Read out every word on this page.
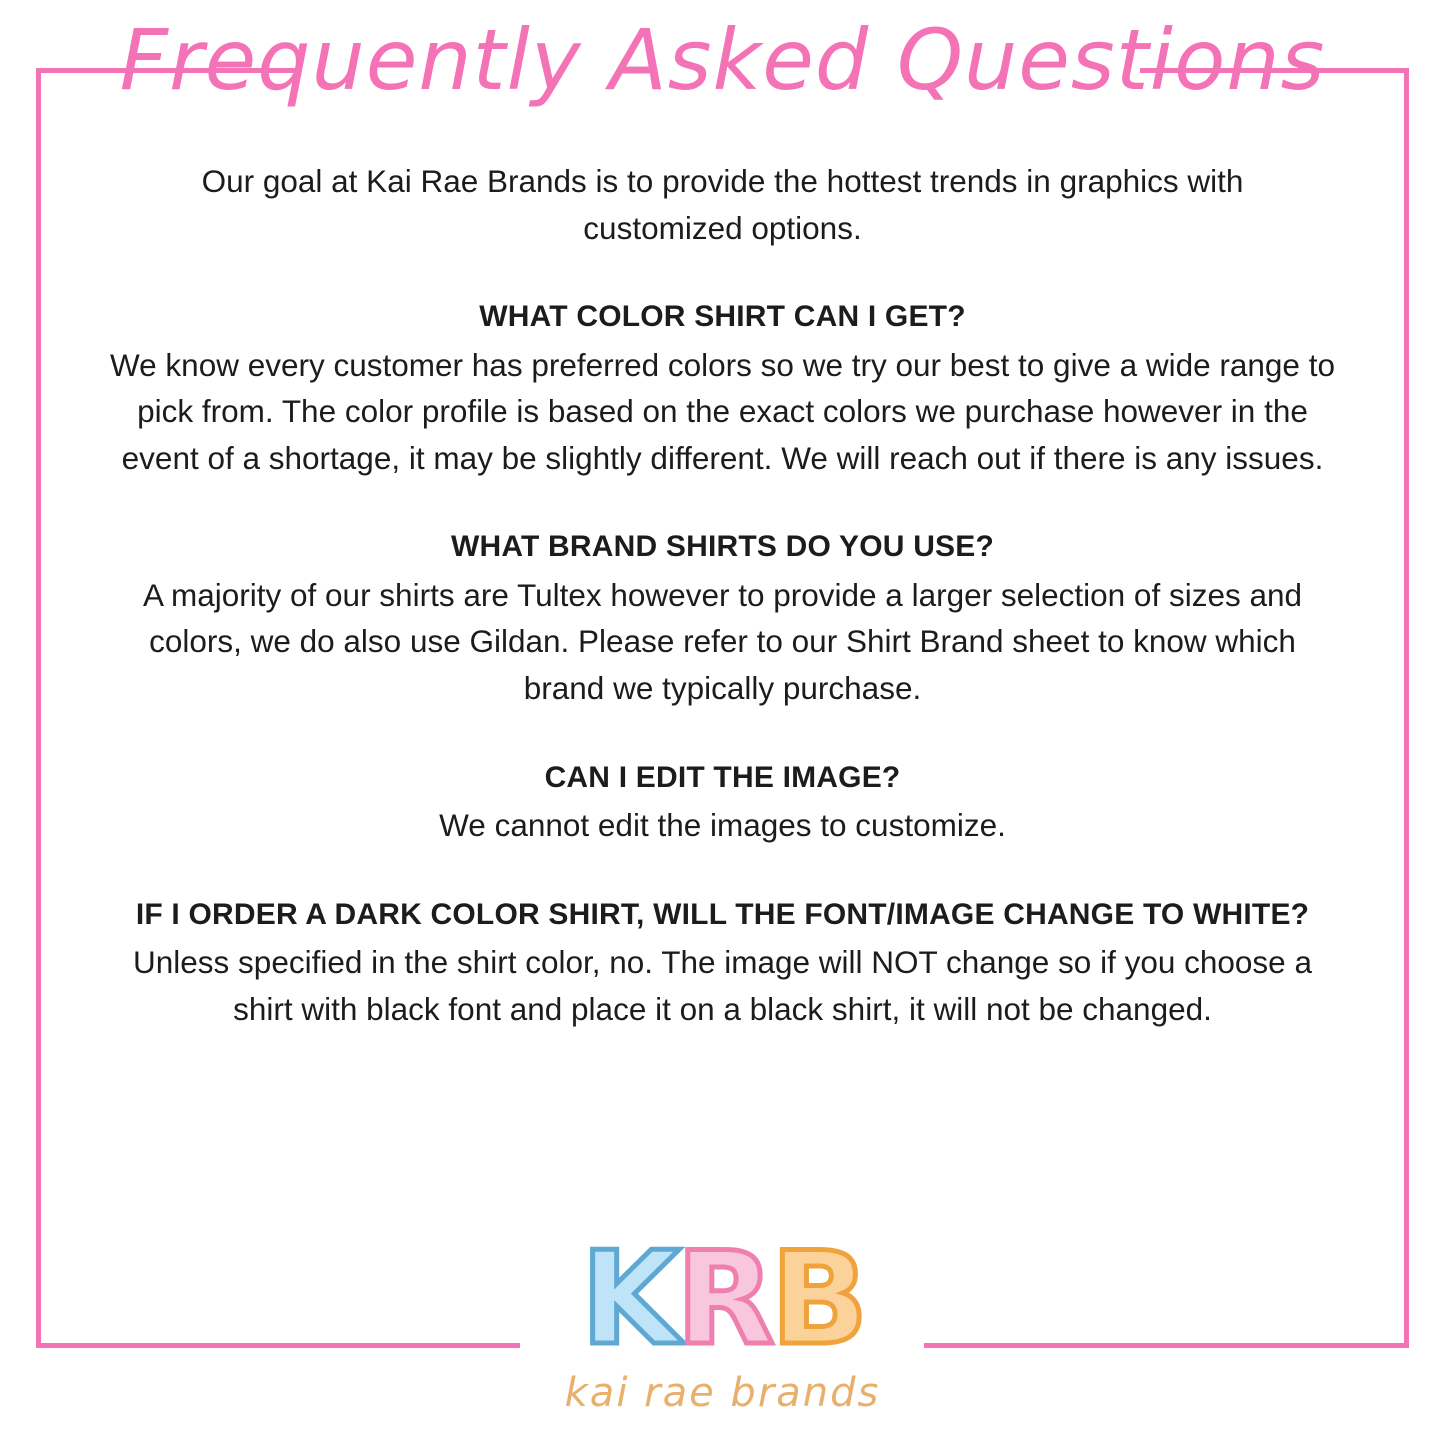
Frequently Asked Questions

Our goal at Kai Rae Brands is to provide the hottest trends in graphics with customized options.

WHAT COLOR SHIRT CAN I GET?
We know every customer has preferred colors so we try our best to give a wide range to pick from. The color profile is based on the exact colors we purchase however in the event of a shortage, it may be slightly different. We will reach out if there is any issues.
WHAT BRAND SHIRTS DO YOU USE?
A majority of our shirts are Tultex however to provide a larger selection of sizes and colors, we do also use Gildan. Please refer to our Shirt Brand sheet to know which brand we typically purchase.
CAN I EDIT THE IMAGE?
We cannot edit the images to customize.
IF I ORDER A DARK COLOR SHIRT, WILL THE FONT/IMAGE CHANGE TO WHITE?
Unless specified in the shirt color, no. The image will NOT change so if you choose a shirt with black font and place it on a black shirt, it will not be changed.
KRB
kai rae brands
